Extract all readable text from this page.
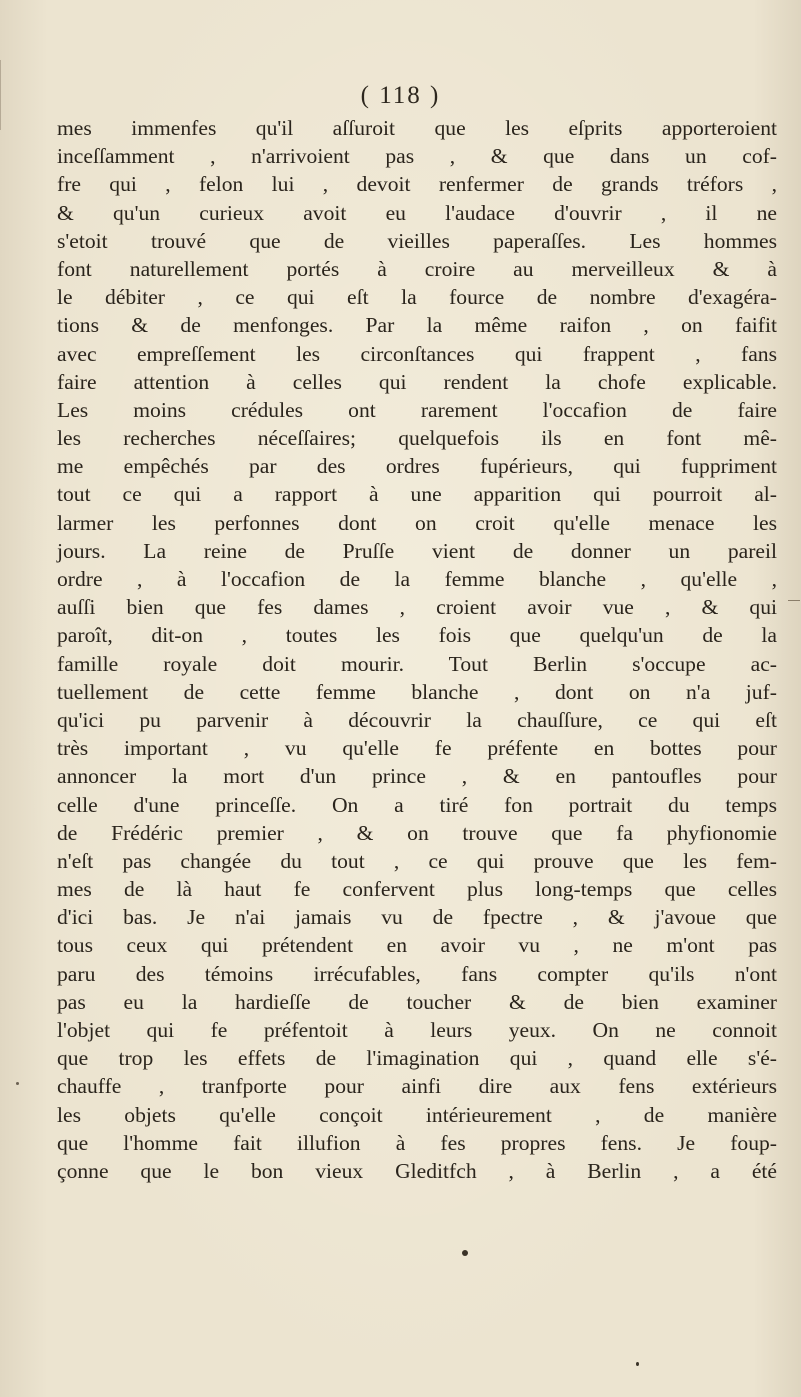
( 118 )
mes immenfes qu'il aſſuroit que les eſprits apporteroient
inceſſamment , n'arrivoient pas , & que dans un cof-
fre qui , felon lui , devoit renfermer de grands tréfors ,
& qu'un curieux avoit eu l'audace d'ouvrir , il ne
s'etoit trouvé que de vieilles paperaſſes. Les hommes
font naturellement portés à croire au merveilleux & à
le débiter , ce qui eſt la fource de nombre d'exagéra-
tions & de menfonges. Par la même raifon , on faifit
avec empreſſement les circonſtances qui frappent , fans
faire attention à celles qui rendent la chofe explicable.
Les moins crédules ont rarement l'occafion de faire
les recherches néceſſaires; quelquefois ils en font mê-
me empêchés par des ordres fupérieurs, qui fuppriment
tout ce qui a rapport à une apparition qui pourroit al-
larmer les perfonnes dont on croit qu'elle menace les
jours. La reine de Pruſſe vient de donner un pareil
ordre , à l'occafion de la femme blanche , qu'elle ,
auſſi bien que fes dames , croient avoir vue , & qui
paroît, dit-on , toutes les fois que quelqu'un de la
famille royale doit mourir. Tout Berlin s'occupe ac-
tuellement de cette femme blanche , dont on n'a juf-
qu'ici pu parvenir à découvrir la chauſſure, ce qui eſt
très important , vu qu'elle fe préfente en bottes pour
annoncer la mort d'un prince , & en pantoufles pour
celle d'une princeſſe. On a tiré fon portrait du temps
de Frédéric premier , & on trouve que fa phyfionomie
n'eſt pas changée du tout , ce qui prouve que les fem-
mes de là haut fe confervent plus long-temps que celles
d'ici bas. Je n'ai jamais vu de fpectre , & j'avoue que
tous ceux qui prétendent en avoir vu , ne m'ont pas
paru des témoins irrécufables, fans compter qu'ils n'ont
pas eu la hardieſſe de toucher & de bien examiner
l'objet qui fe préfentoit à leurs yeux. On ne connoit
que trop les effets de l'imagination qui , quand elle s'é-
chauffe , tranfporte pour ainfi dire aux fens extérieurs
les objets qu'elle conçoit intérieurement , de manière
que l'homme fait illufion à fes propres fens. Je foup-
çonne que le bon vieux Gleditfch , à Berlin , a été
